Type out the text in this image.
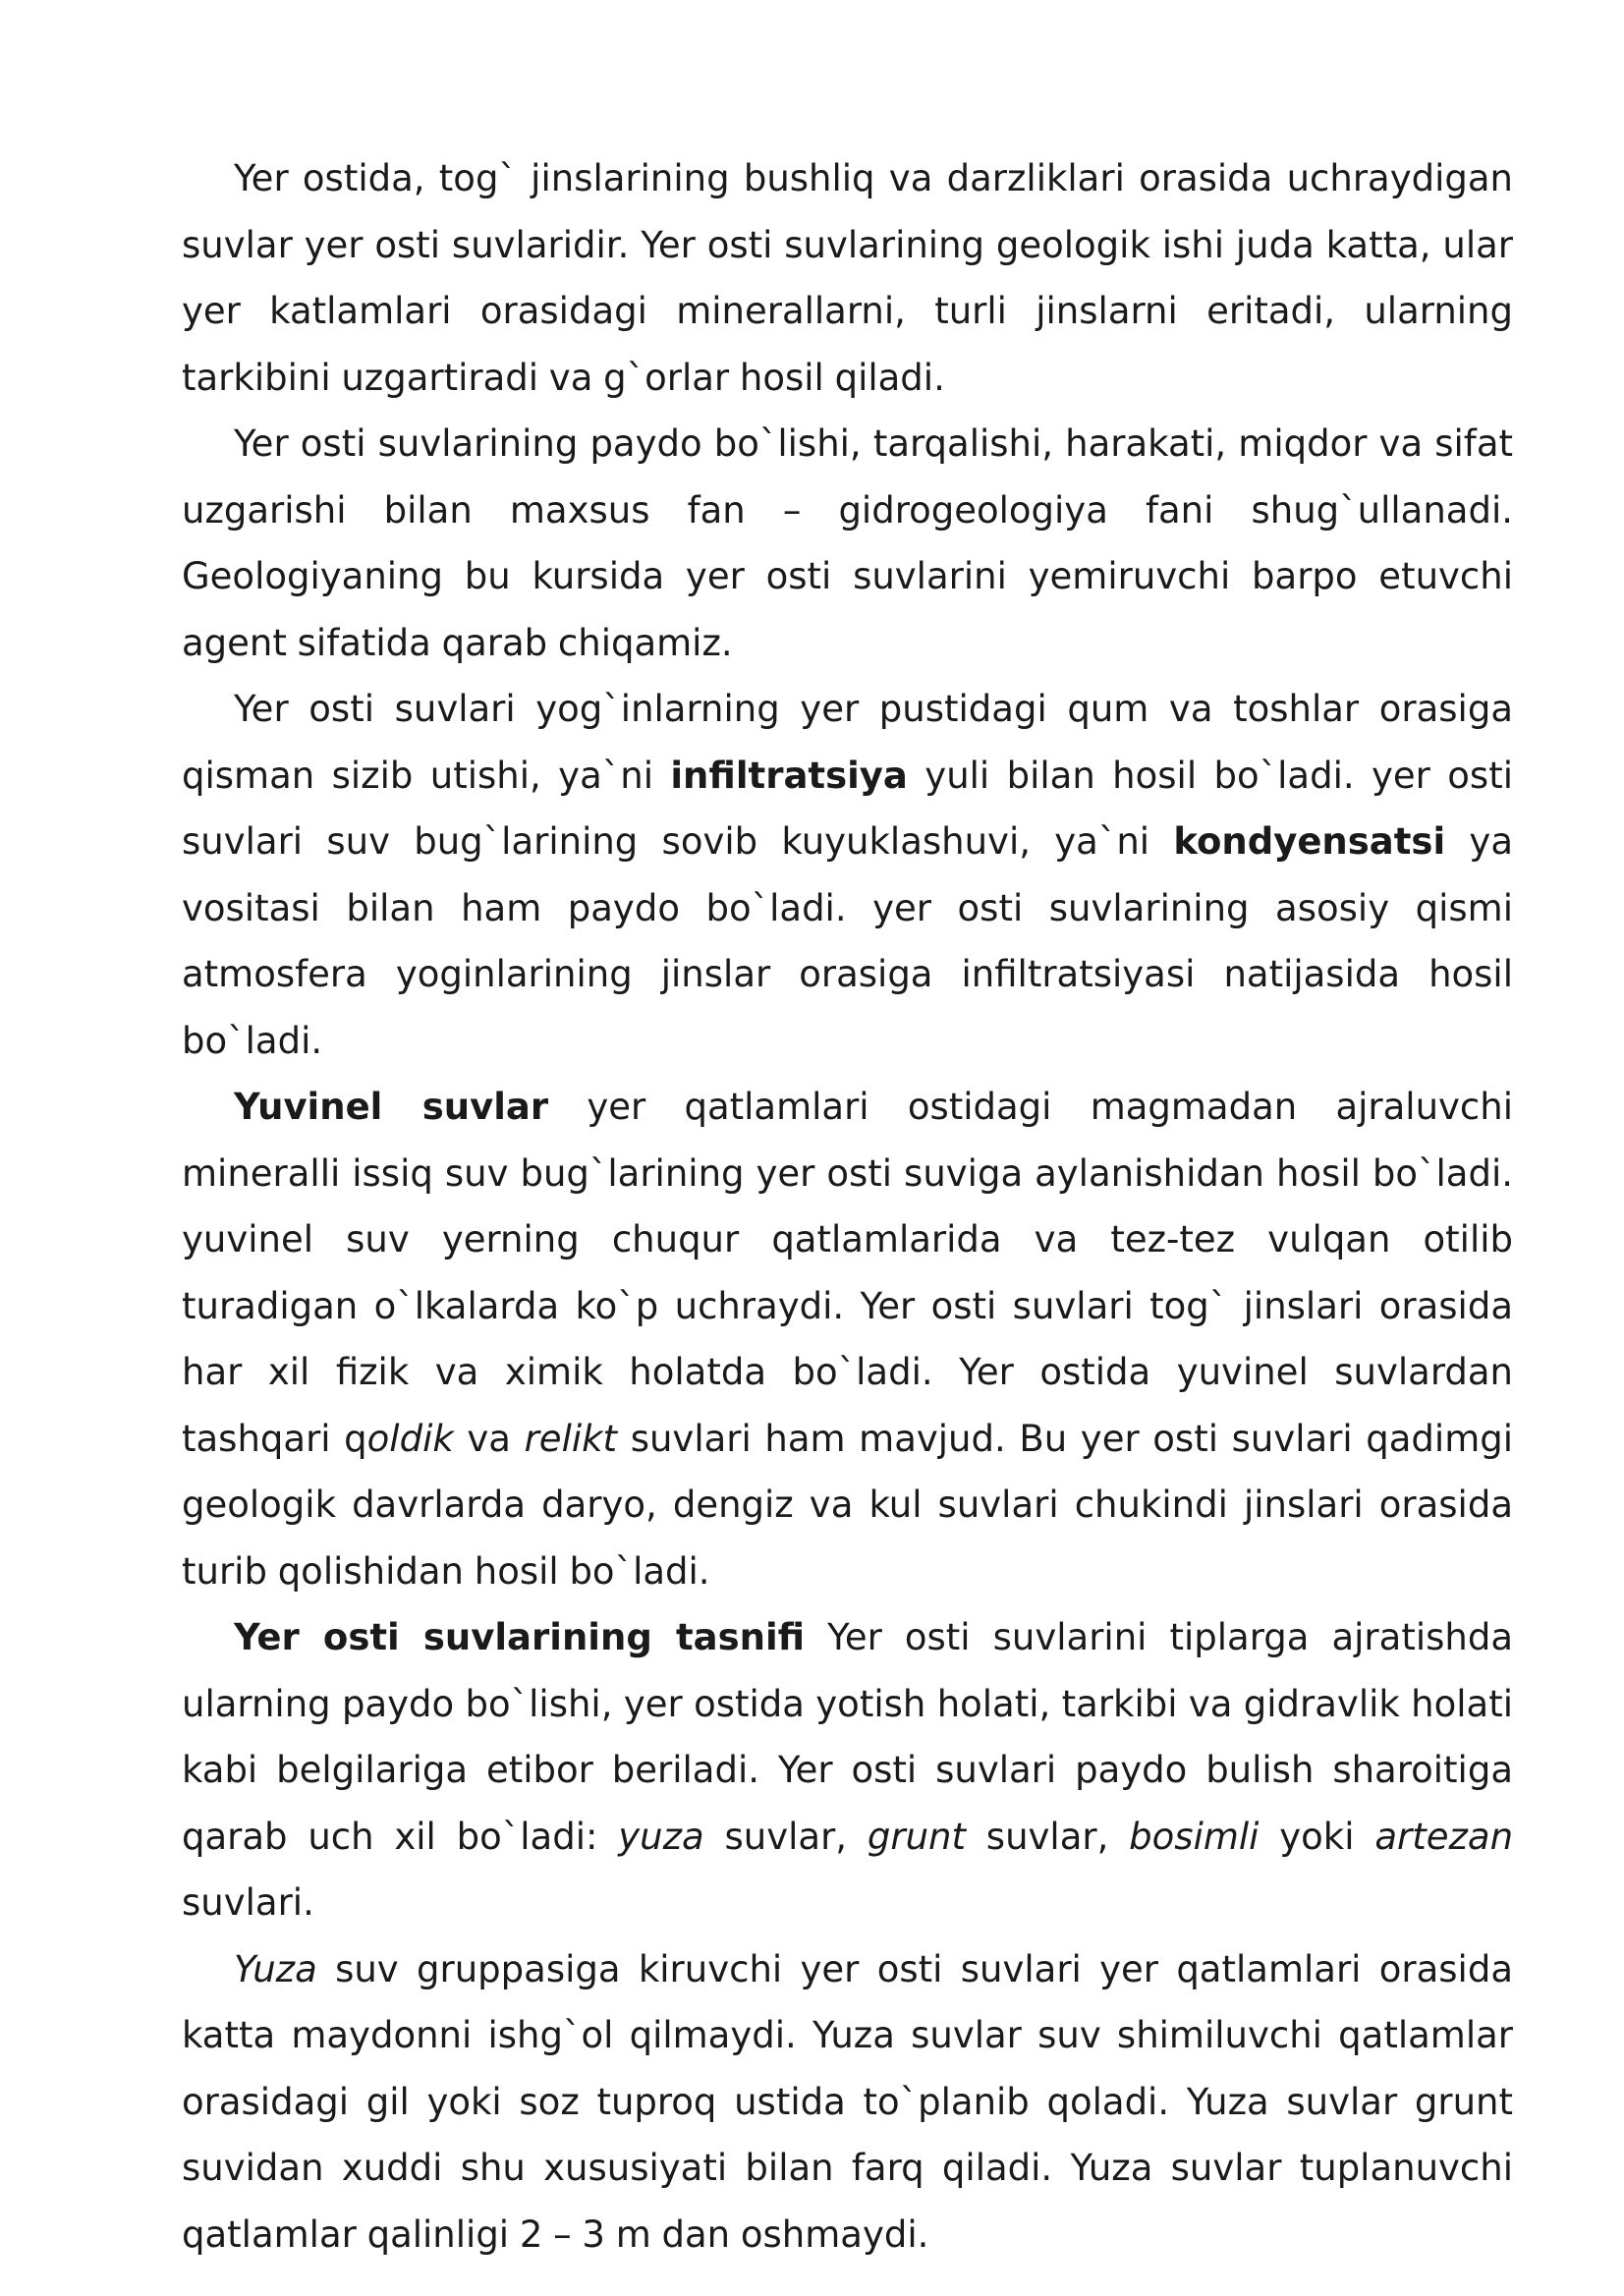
Yer ostida, tog` jinslarining bushliq va darzliklari orasida uchraydigan suvlar yer osti suvlaridir. Yer osti suvlarining geologik ishi juda katta, ular yer katlamlari orasidagi minerallarni, turli jinslarni eritadi, ularning tarkibini uzgartiradi va g`orlar hosil qiladi.

Yer osti suvlarining paydo bo`lishi, tarqalishi, harakati, miqdor va sifat uzgarishi bilan maxsus fan – gidrogeologiya fani shug`ullanadi. Geologiyaning bu kursida yer osti suvlarini yemiruvchi barpo etuvchi agent sifatida qarab chiqamiz.

Yer osti suvlari yog`inlarning yer pustidagi qum va toshlar orasiga qisman sizib utishi, ya`ni infiltratsiya yuli bilan hosil bo`ladi. yer osti suvlari suv bug`larining sovib kuyuklashuvi, ya`ni kondyensatsi ya vositasi bilan ham paydo bo`ladi. yer osti suvlarining asosiy qismi atmosfera yoginlarining jinslar orasiga infiltratsiyasi natijasida hosil bo`ladi.

Yuvinel suvlar yer qatlamlari ostidagi magmadan ajraluvchi mineralli issiq suv bug`larining yer osti suviga aylanishidan hosil bo`ladi. yuvinel suv yerning chuqur qatlamlarida va tez-tez vulqan otilib turadigan o`lkalarda ko`p uchraydi. Yer osti suvlari tog` jinslari orasida har xil fizik va ximik holatda bo`ladi. Yer ostida yuvinel suvlardan tashqari qoldik va relikt suvlari ham mavjud. Bu yer osti suvlari qadimgi geologik davrlarda daryo, dengiz va kul suvlari chukindi jinslari orasida turib qolishidan hosil bo`ladi.

Yer osti suvlarining tasnifi Yer osti suvlarini tiplarga ajratishda ularning paydo bo`lishi, yer ostida yotish holati, tarkibi va gidravlik holati kabi belgilariga etibor beriladi. Yer osti suvlari paydo bulish sharoitiga qarab uch xil bo`ladi: yuza suvlar, grunt suvlar, bosimli yoki artezan suvlari.

Yuza suv gruppasiga kiruvchi yer osti suvlari yer qatlamlari orasida katta maydonni ishg`ol qilmaydi. Yuza suvlar suv shimiluvchi qatlamlar orasidagi gil yoki soz tuproq ustida to`planib qoladi. Yuza suvlar grunt suvidan xuddi shu xususiyati bilan farq qiladi. Yuza suvlar tuplanuvchi qatlamlar qalinligi 2 – 3 m dan oshmaydi.
